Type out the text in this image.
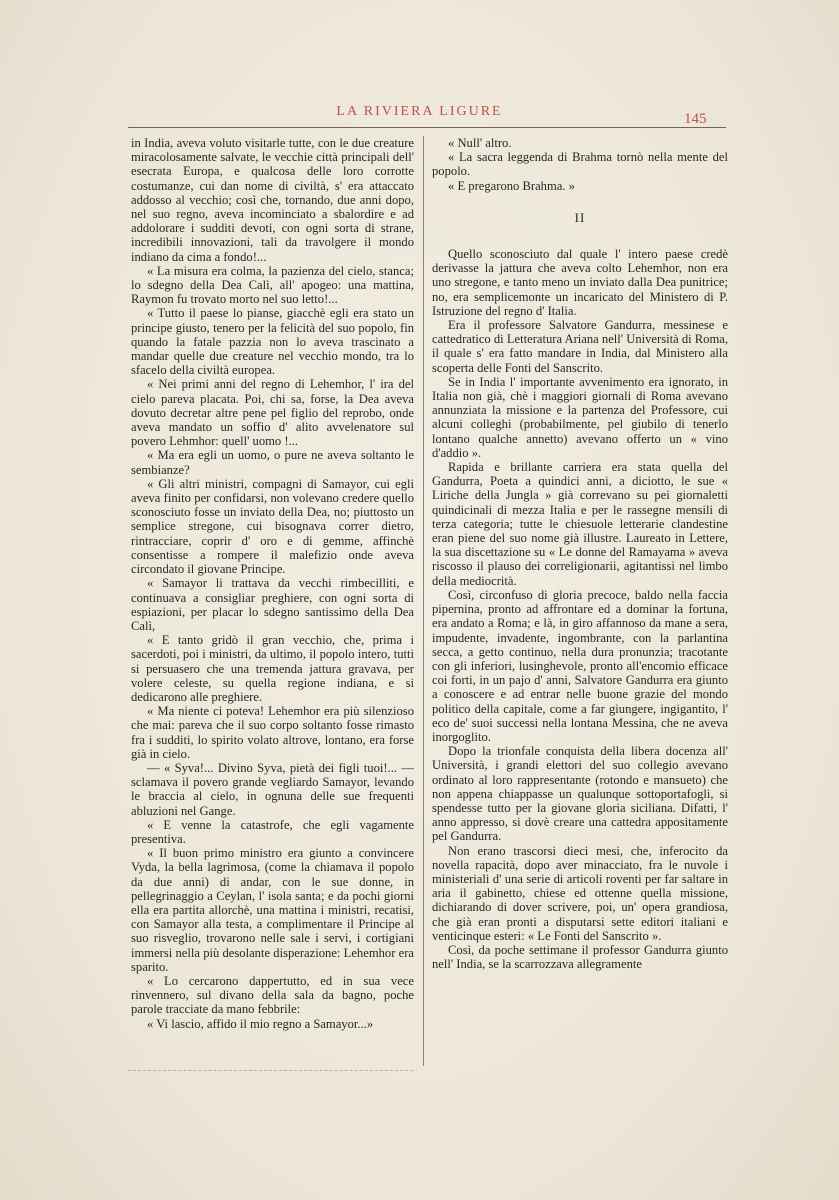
LA RIVIERA LIGURE	145

in India, aveva voluto visitarle tutte, con le due creature miracolosamente salvate, le vecchie città principali dell' esecrata Europa, e qualcosa delle loro corrotte costumanze, cui dan nome di civiltà, s' era attaccato addosso al vecchio; così che, tornando, due anni dopo, nel suo regno, aveva incominciato a sbalordire e ad addolorare i sudditi devoti, con ogni sorta di strane, incredibili innovazioni, tali da travolgere il mondo indiano da cima a fondo!...

« La misura era colma, la pazienza del cielo, stanca; lo sdegno della Dea Calì, all' apogeo: una mattina, Raymon fu trovato morto nel suo letto!...

« Tutto il paese lo pianse, giacchè egli era stato un principe giusto, tenero per la felicità del suo popolo, fin quando la fatale pazzia non lo aveva trascinato a mandar quelle due creature nel vecchio mondo, tra lo sfacelo della civiltà europea.

« Nei primi anni del regno di Lehemhor, l' ira del cielo pareva placata. Poi, chi sa, forse, la Dea aveva dovuto decretar altre pene pel figlio del reprobo, onde aveva mandato un soffio d' alito avvelenatore sul povero Lehmhor: quell' uomo !...

« Ma era egli un uomo, o pure ne aveva soltanto le sembianze?

« Gli altri ministri, compagni di Samayor, cui egli aveva finito per confidarsi, non volevano credere quello sconosciuto fosse un inviato della Dea, no; piuttosto un semplice stregone, cui bisognava correr dietro, rintracciare, coprir d' oro e di gemme, affinchè consentisse a rompere il malefizio onde aveva circondato il giovane Principe.

« Samayor li trattava da vecchi rimbecilliti, e continuava a consigliar preghiere, con ogni sorta di espiazioni, per placar lo sdegno santissimo della Dea Calì,

« E tanto gridò il gran vecchio, che, prima i sacerdoti, poi i ministri, da ultimo, il popolo intero, tutti si persuasero che una tremenda jattura gravava, per volere celeste, su quella regione indiana, e si dedicarono alle preghiere.

« Ma niente ci poteva! Lehemhor era più silenzioso che mai: pareva che il suo corpo soltanto fosse rimasto fra i sudditi, lo spirito volato altrove, lontano, era forse già in cielo.

— « Syva!... Divino Syva, pietà dei figli tuoi!... — sclamava il povero grande vegliardo Samayor, levando le braccia al cielo, in ognuna delle sue frequenti abluzioni nel Gange.

« E venne la catastrofe, che egli vagamente presentiva.

« Il buon primo ministro era giunto a convincere Vyda, la bella lagrimosa, (come la chiamava il popolo da due anni) di andar, con le sue donne, in pellegrinaggio a Ceylan, l' isola santa; e da pochi giorni ella era partita allorchè, una mattina i ministri, recatisi, con Samayor alla testa, a complimentare il Principe al suo risveglio, trovarono nelle sale i servi, i cortigiani immersi nella più desolante disperazione: Lehemhor era sparito.

« Lo cercarono dappertutto, ed in sua vece rinvennero, sul divano della sala da bagno, poche parole tracciate da mano febbrile:

« Vi lascio, affido il mio regno a Samayor...»

« Null' altro.

« La sacra leggenda di Brahma tornò nella mente del popolo.

« E pregarono Brahma. »

II

Quello sconosciuto dal quale l' intero paese credè derivasse la jattura che aveva colto Lehemhor, non era uno stregone, e tanto meno un inviato dalla Dea punitrice; no, era semplicemonte un incaricato del Ministero di P. Istruzione del regno d' Italia.

Era il professore Salvatore Gandurra, messinese e cattedratico di Letteratura Ariana nell' Università di Roma, il quale s' era fatto mandare in India, dal Ministero alla scoperta delle Fonti del Sanscrito.

Se in India l' importante avvenimento era ignorato, in Italia non già, chè i maggiori giornali di Roma avevano annunziata la missione e la partenza del Professore, cui alcuni colleghi (probabilmente, pel giubilo di tenerlo lontano qualche annetto) avevano offerto un « vino d'addio ».

Rapida e brillante carriera era stata quella del Gandurra, Poeta a quindici anni, a diciotto, le sue « Liriche della Jungla » già correvano su pei giornaletti quindicinali di mezza Italia e per le rassegne mensili di terza categoria; tutte le chiesuole letterarie clandestine eran piene del suo nome già illustre. Laureato in Lettere, la sua discettazione su « Le donne del Ramayama » aveva riscosso il plauso dei correligionarii, agitantissi nel limbo della mediocrità.

Così, circonfuso di gloria precoce, baldo nella faccia pipernina, pronto ad affrontare ed a dominar la fortuna, era andato a Roma; e là, in giro affannoso da mane a sera, impudente, invadente, ingombrante, con la parlantina secca, a getto continuo, nella dura pronunzia; tracotante con gli inferiori, lusinghevole, pronto all'encomio efficace coi forti, in un pajo d' anni, Salvatore Gandurra era giunto a conoscere e ad entrar nelle buone grazie del mondo politico della capitale, come a far giungere, ingigantito, l' eco de' suoi successi nella lontana Messina, che ne aveva inorgoglito.

Dopo la trionfale conquista della libera docenza all' Università, i grandi elettori del suo collegio avevano ordinato al loro rappresentante (rotondo e mansueto) che non appena chiappasse un qualunque sottoportafogli, si spendesse tutto per la giovane gloria siciliana. Difatti, l' anno appresso, si dovè creare una cattedra appositamente pel Gandurra.

Non erano trascorsi dieci mesi, che, inferocito da novella rapacità, dopo aver minacciato, fra le nuvole i ministeriali d' una serie di articoli roventi per far saltare in aria il gabinetto, chiese ed ottenne quella missione, dichiarando di dover scrivere, poi, un' opera grandiosa, che già eran pronti a disputarsi sette editori italiani e venticinque esteri: « Le Fonti del Sanscrito ».

Così, da poche settimane il professor Gandurra giunto nell' India, se la scarrozzava allegramente
